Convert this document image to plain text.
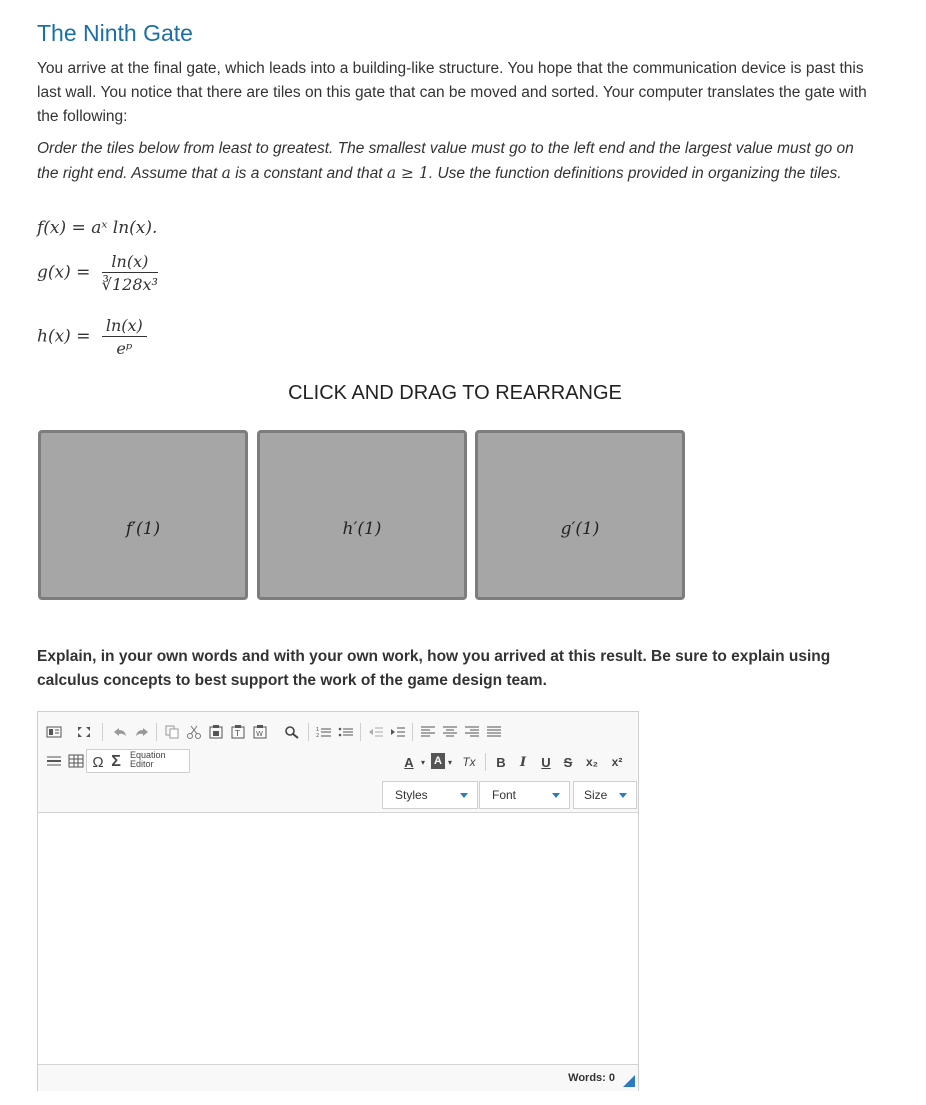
The Ninth Gate

You arrive at the final gate, which leads into a building-like structure. You hope that the communication device is past this last wall. You notice that there are tiles on this gate that can be moved and sorted. Your computer translates the gate with the following:

Order the tiles below from least to greatest. The smallest value must go to the left end and the largest value must go on the right end. Assume that a is a constant and that a ≥ 1. Use the function definitions provided in organizing the tiles.

f(x) = aˣ ln(x).
$g(x) = \frac{\ln(x)}{\text{∛128x³}}$
$h(x) = \frac{\ln(x)}{\text{eᵖ}}$
CLICK AND DRAG TO REARRANGE
f′(1)	h′(1)	g′(1)

Explain, in your own words and with your own work, how you arrived at this result. Be sure to explain using calculus concepts to best support the work of the game design team.

T W	1
2
Ω Σ	Equation
Editor	A ▾ A ▾ Tx	B	I	U S	x₂	x²
Styles	Font	Size
Words: 0
